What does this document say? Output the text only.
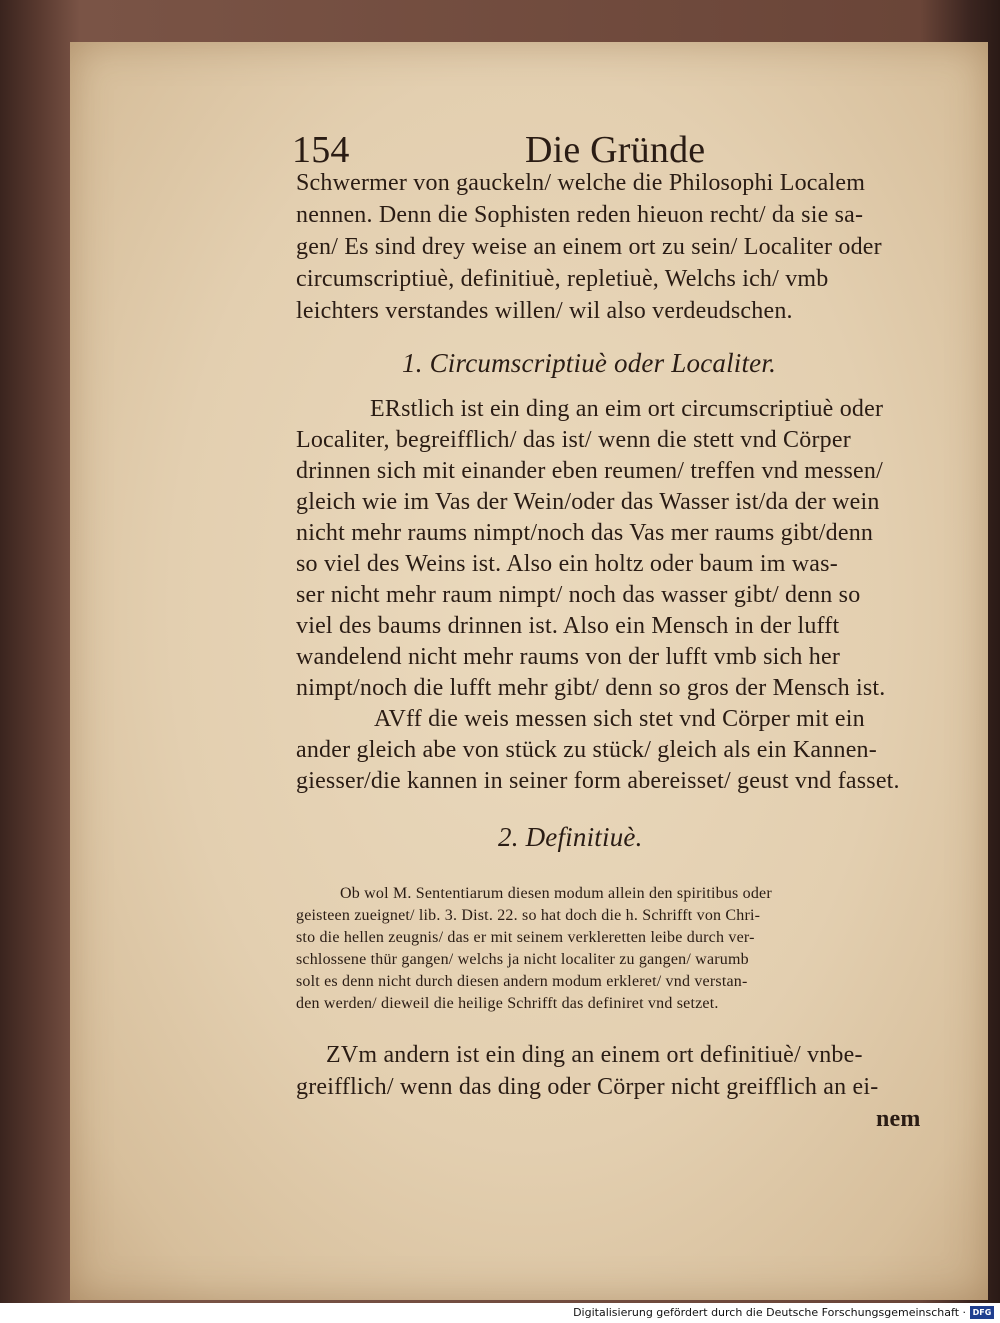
154	Die Gründe
Schwermer von gauckeln/ welche die Philosophi Localem
nennen. Denn die Sophisten reden hieuon recht/ da sie sa-
gen/ Es sind drey weise an einem ort zu sein/ Localiter oder
circumscriptiuè, definitiuè, repletiuè, Welchs ich/ vmb
leichters verstandes willen/ wil also verdeudschen.
1. Circumscriptiuè oder Localiter.
ERstlich ist ein ding an eim ort circumscriptiuè oder
Localiter, begreifflich/ das ist/ wenn die stett vnd Cörper
drinnen sich mit einander eben reumen/ treffen vnd messen/
gleich wie im Vas der Wein/oder das Wasser ist/da der wein
nicht mehr raums nimpt/noch das Vas mer raums gibt/denn
so viel des Weins ist. Also ein holtz oder baum im was-
ser nicht mehr raum nimpt/ noch das wasser gibt/ denn so
viel des baums drinnen ist. Also ein Mensch in der lufft
wandelend nicht mehr raums von der lufft vmb sich her
nimpt/noch die lufft mehr gibt/ denn so gros der Mensch ist.
AVff die weis messen sich stet vnd Cörper mit ein
ander gleich abe von stück zu stück/ gleich als ein Kannen-
giesser/die kannen in seiner form abereisset/ geust vnd fasset.
2. Definitiuè.
Ob wol M. Sententiarum diesen modum allein den spiritibus oder
geisteen zueignet/ lib. 3. Dist. 22. so hat doch die h. Schrifft von Chri-
sto die hellen zeugnis/ das er mit seinem verkleretten leibe durch ver-
schlossene thür gangen/ welchs ja nicht localiter zu gangen/ warumb
solt es denn nicht durch diesen andern modum erkleret/ vnd verstan-
den werden/ dieweil die heilige Schrifft das definiret vnd setzet.
ZVm andern ist ein ding an einem ort definitiuè/ vnbe-
greifflich/ wenn das ding oder Cörper nicht greifflich an ei-
nem
Digitalisierung gefördert durch die Deutsche Forschungsgemeinschaft · DFG
